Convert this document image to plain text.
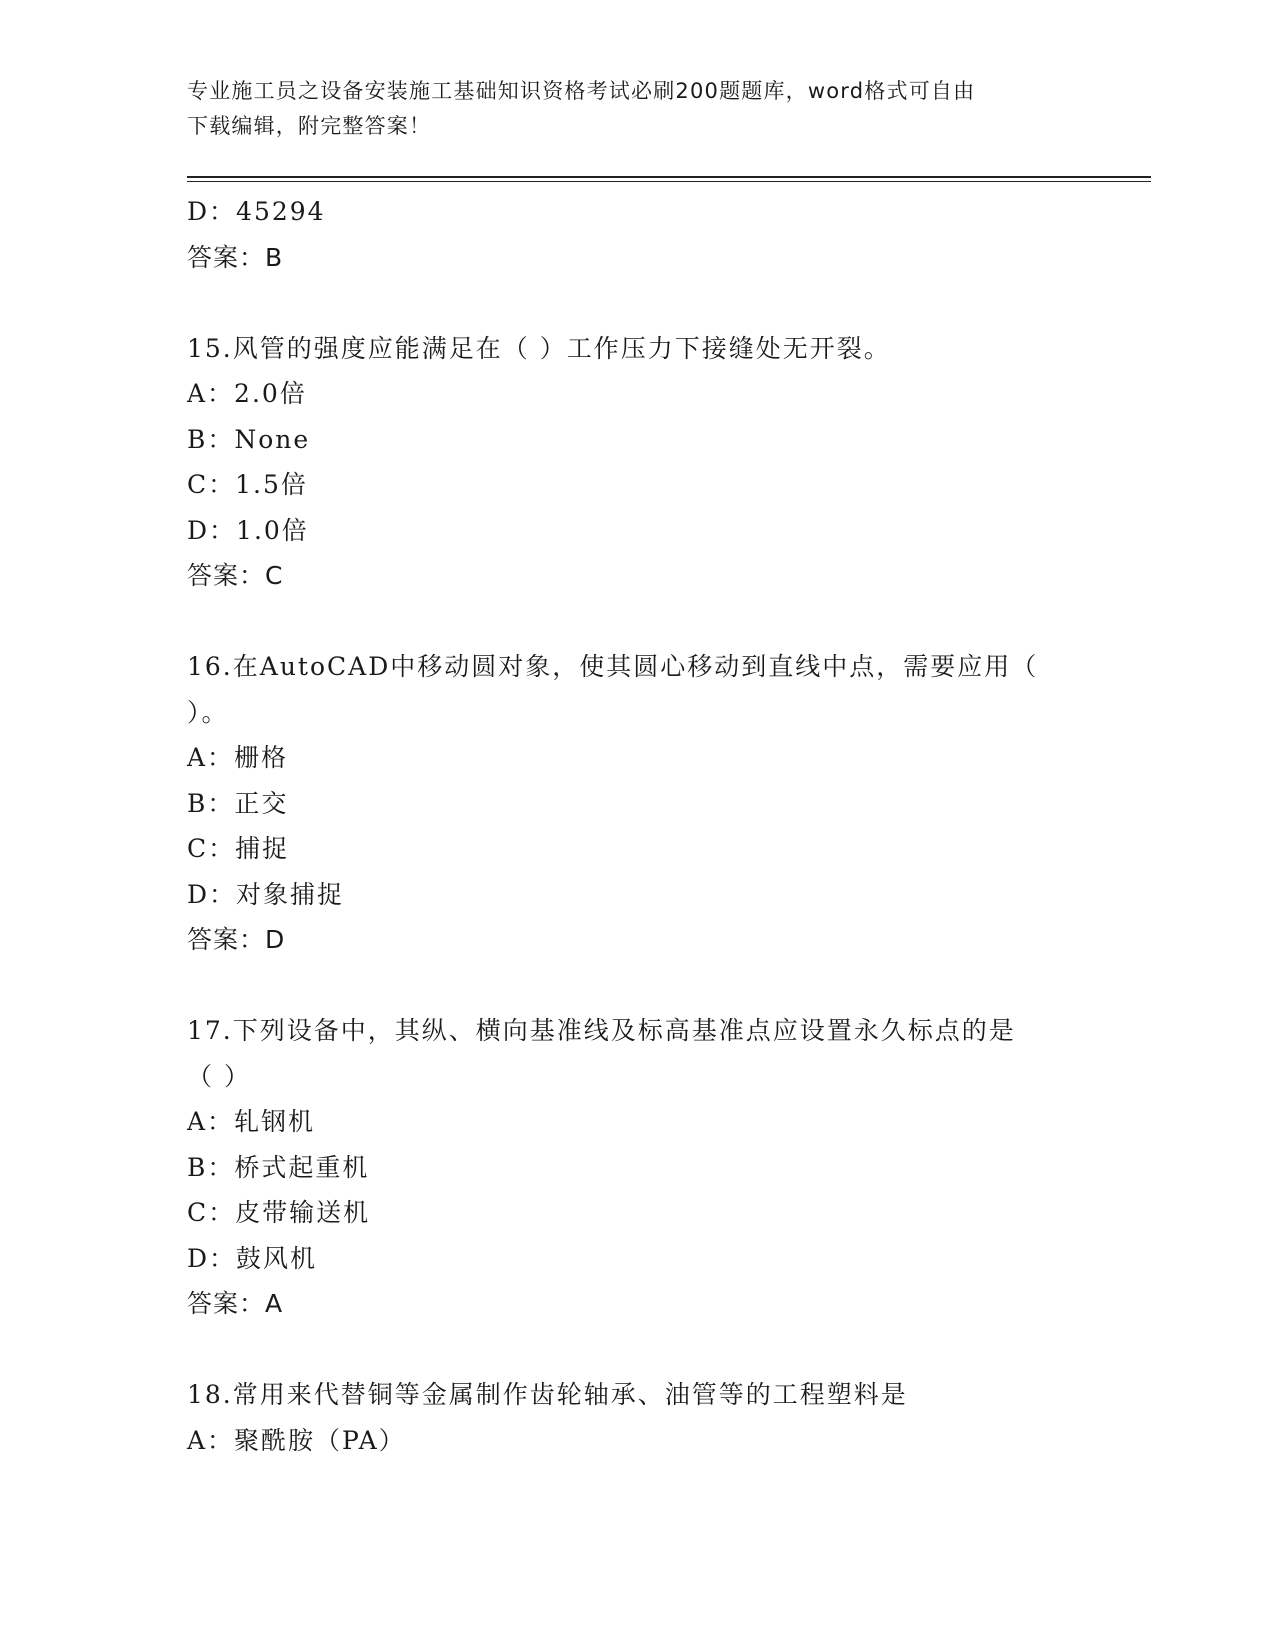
专业施工员之设备安装施工基础知识资格考试必刷200题题库，word格式可自由
下载编辑，附完整答案！
D：45294
答案：B
15.风管的强度应能满足在（ ）工作压力下接缝处无开裂。
A：2.0倍
B：None
C：1.5倍
D：1.0倍
答案：C
16.在AutoCAD中移动圆对象，使其圆心移动到直线中点，需要应用（
）。
A：栅格
B：正交
C：捕捉
D：对象捕捉
答案：D
17.下列设备中，其纵、横向基准线及标高基准点应设置永久标点的是
（ ）
A：轧钢机
B：桥式起重机
C：皮带输送机
D：鼓风机
答案：A
18.常用来代替铜等金属制作齿轮轴承、油管等的工程塑料是
A：聚酰胺（PA）
